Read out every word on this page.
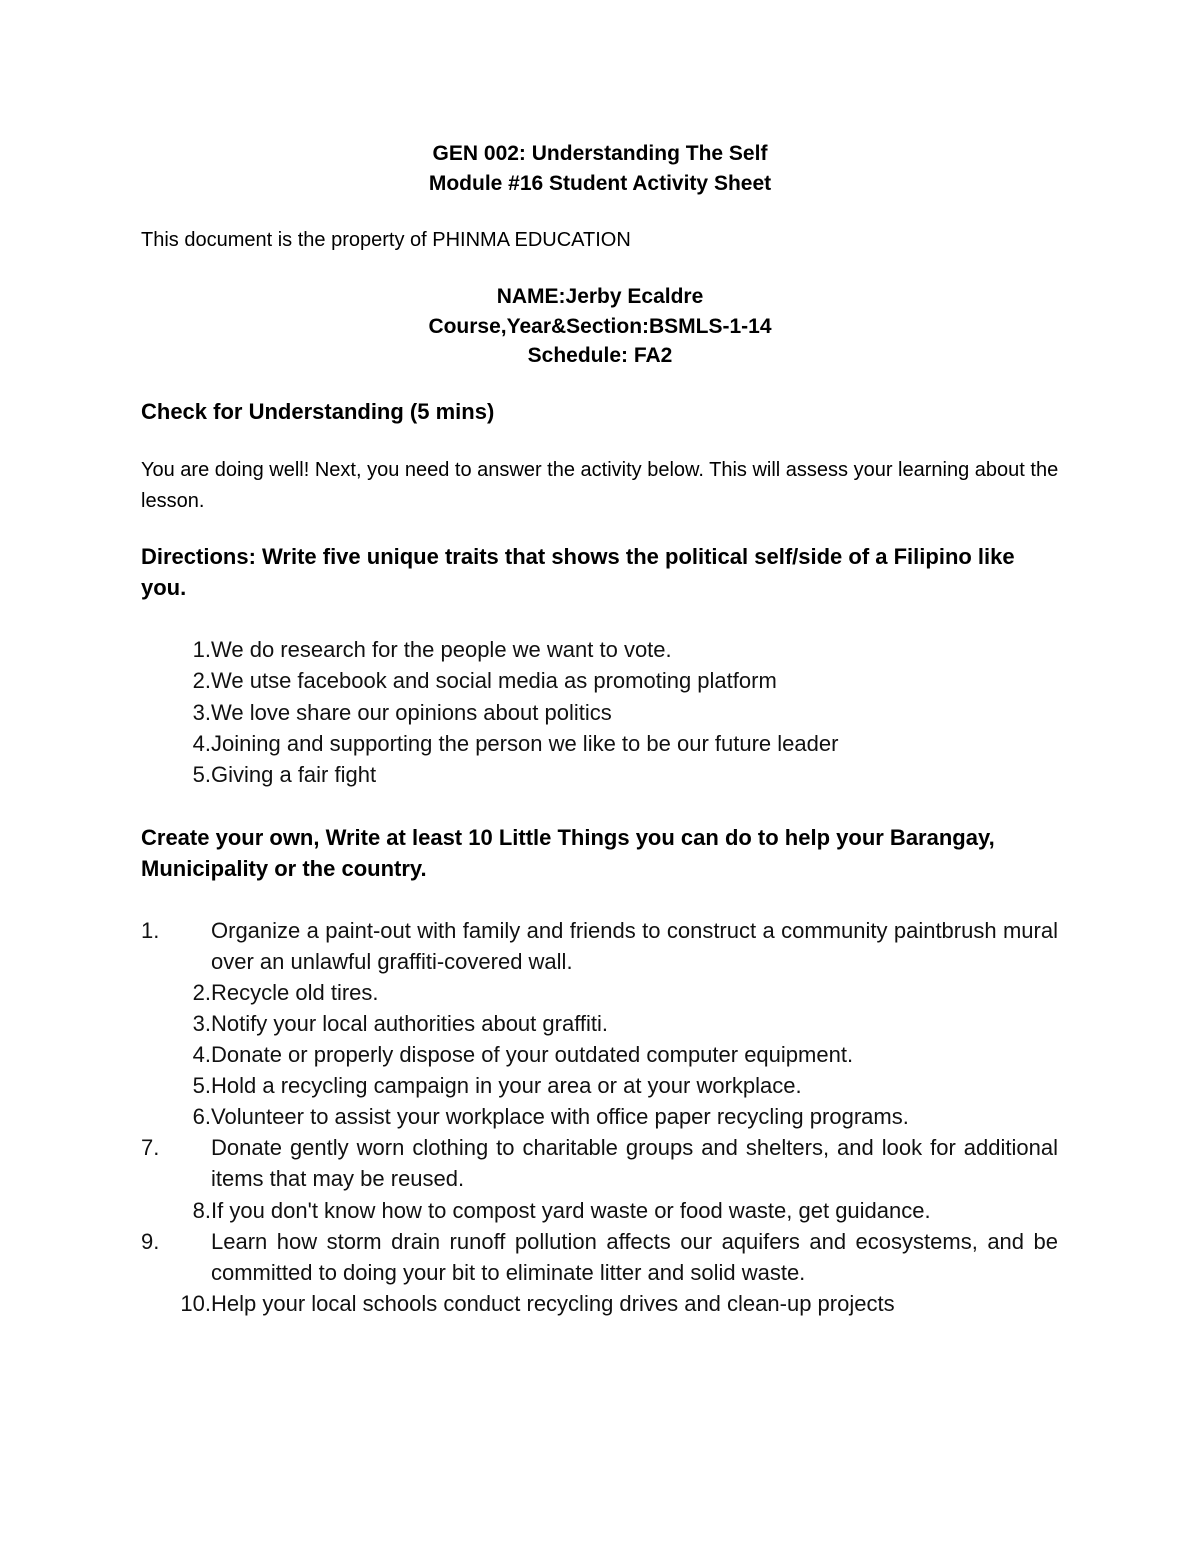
GEN 002: Understanding The Self

Module #16 Student Activity Sheet

This document is the property of PHINMA EDUCATION

NAME:Jerby Ecaldre

Course,Year&Section:BSMLS-1-14

Schedule: FA2

Check for Understanding (5 mins)

You are doing well! Next, you need to answer the activity below. This will assess your learning about the lesson.

Directions: Write five unique traits that shows the political self/side of a Filipino like you.

1. We do research for the people we want to vote.
2. We utse facebook and social media as promoting platform
3. We love share our opinions about politics
4. Joining and supporting the person we like to be our future leader
5. Giving a fair fight

Create your own, Write at least 10 Little Things you can do to help your Barangay, Municipality or the country.

1.	Organize a paint-out with family and friends to construct a community paintbrush mural over an unlawful graffiti-covered wall.
2. Recycle old tires.
3. Notify your local authorities about graffiti.
4. Donate or properly dispose of your outdated computer equipment.
5. Hold a recycling campaign in your area or at your workplace.
6. Volunteer to assist your workplace with office paper recycling programs.
7.	Donate gently worn clothing to charitable groups and shelters, and look for additional items that may be reused.
8. If you don't know how to compost yard waste or food waste, get guidance.
9.	Learn how storm drain runoff pollution affects our aquifers and ecosystems, and be committed to doing your bit to eliminate litter and solid waste.
10. Help your local schools conduct recycling drives and clean-up projects
